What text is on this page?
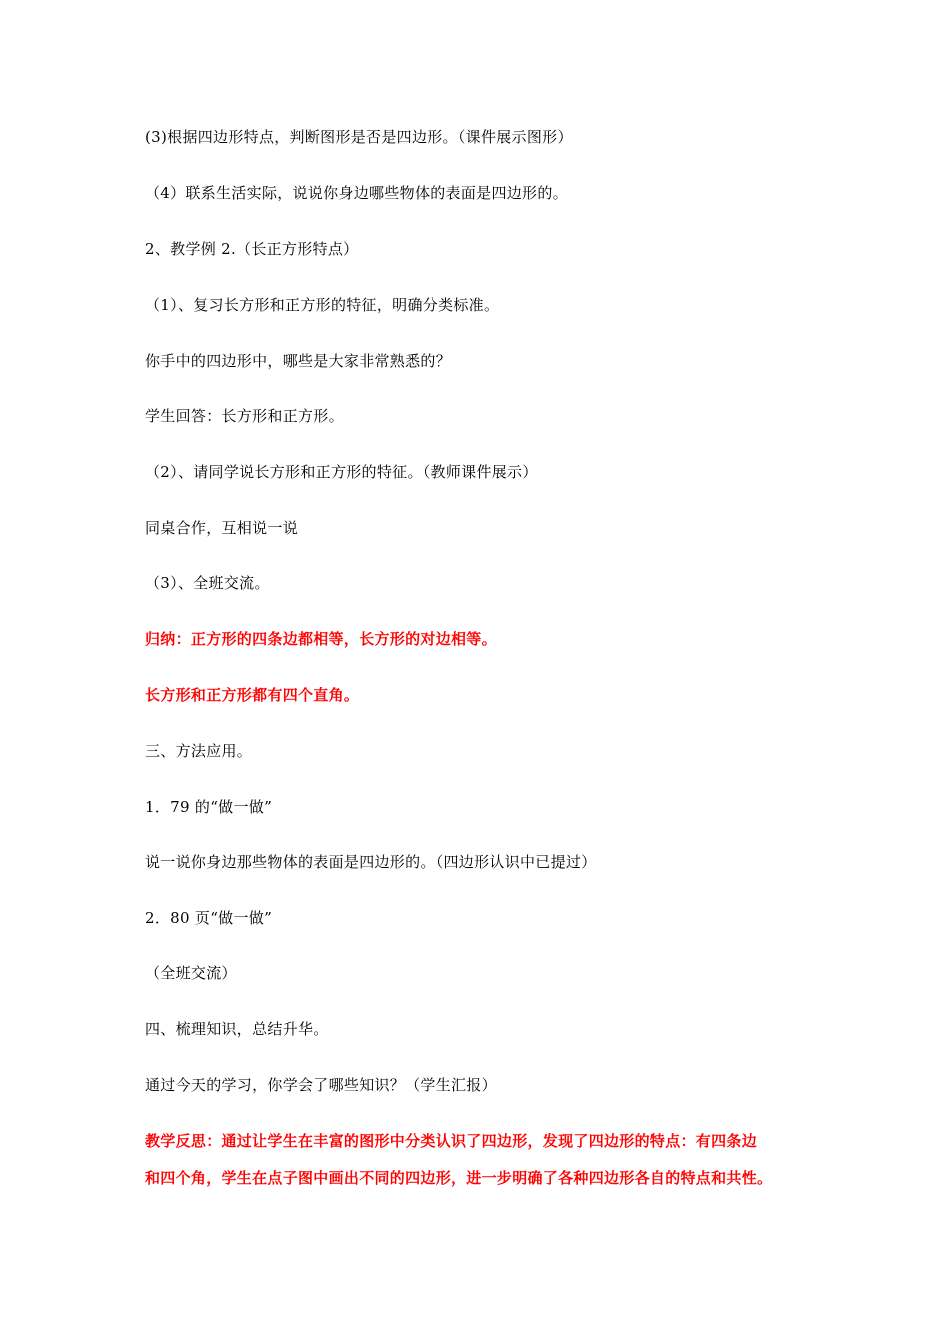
(3)根据四边形特点，判断图形是否是四边形。（课件展示图形）
（4）联系生活实际，说说你身边哪些物体的表面是四边形的。
2、教学例 2.（长正方形特点）
（1）、复习长方形和正方形的特征，明确分类标准。
你手中的四边形中，哪些是大家非常熟悉的？
学生回答：长方形和正方形。
（2）、请同学说长方形和正方形的特征。（教师课件展示）
同桌合作，互相说一说
（3）、全班交流。
归纳：正方形的四条边都相等，长方形的对边相等。
长方形和正方形都有四个直角。
三、方法应用。
1．79 的“做一做”
说一说你身边那些物体的表面是四边形的。（四边形认识中已提过）
2．80 页“做一做”
（全班交流）
四、梳理知识，总结升华。
通过今天的学习，你学会了哪些知识？（学生汇报）
教学反思：通过让学生在丰富的图形中分类认识了四边形，发现了四边形的特点：有四条边
和四个角，学生在点子图中画出不同的四边形，进一步明确了各种四边形各自的特点和共性。
